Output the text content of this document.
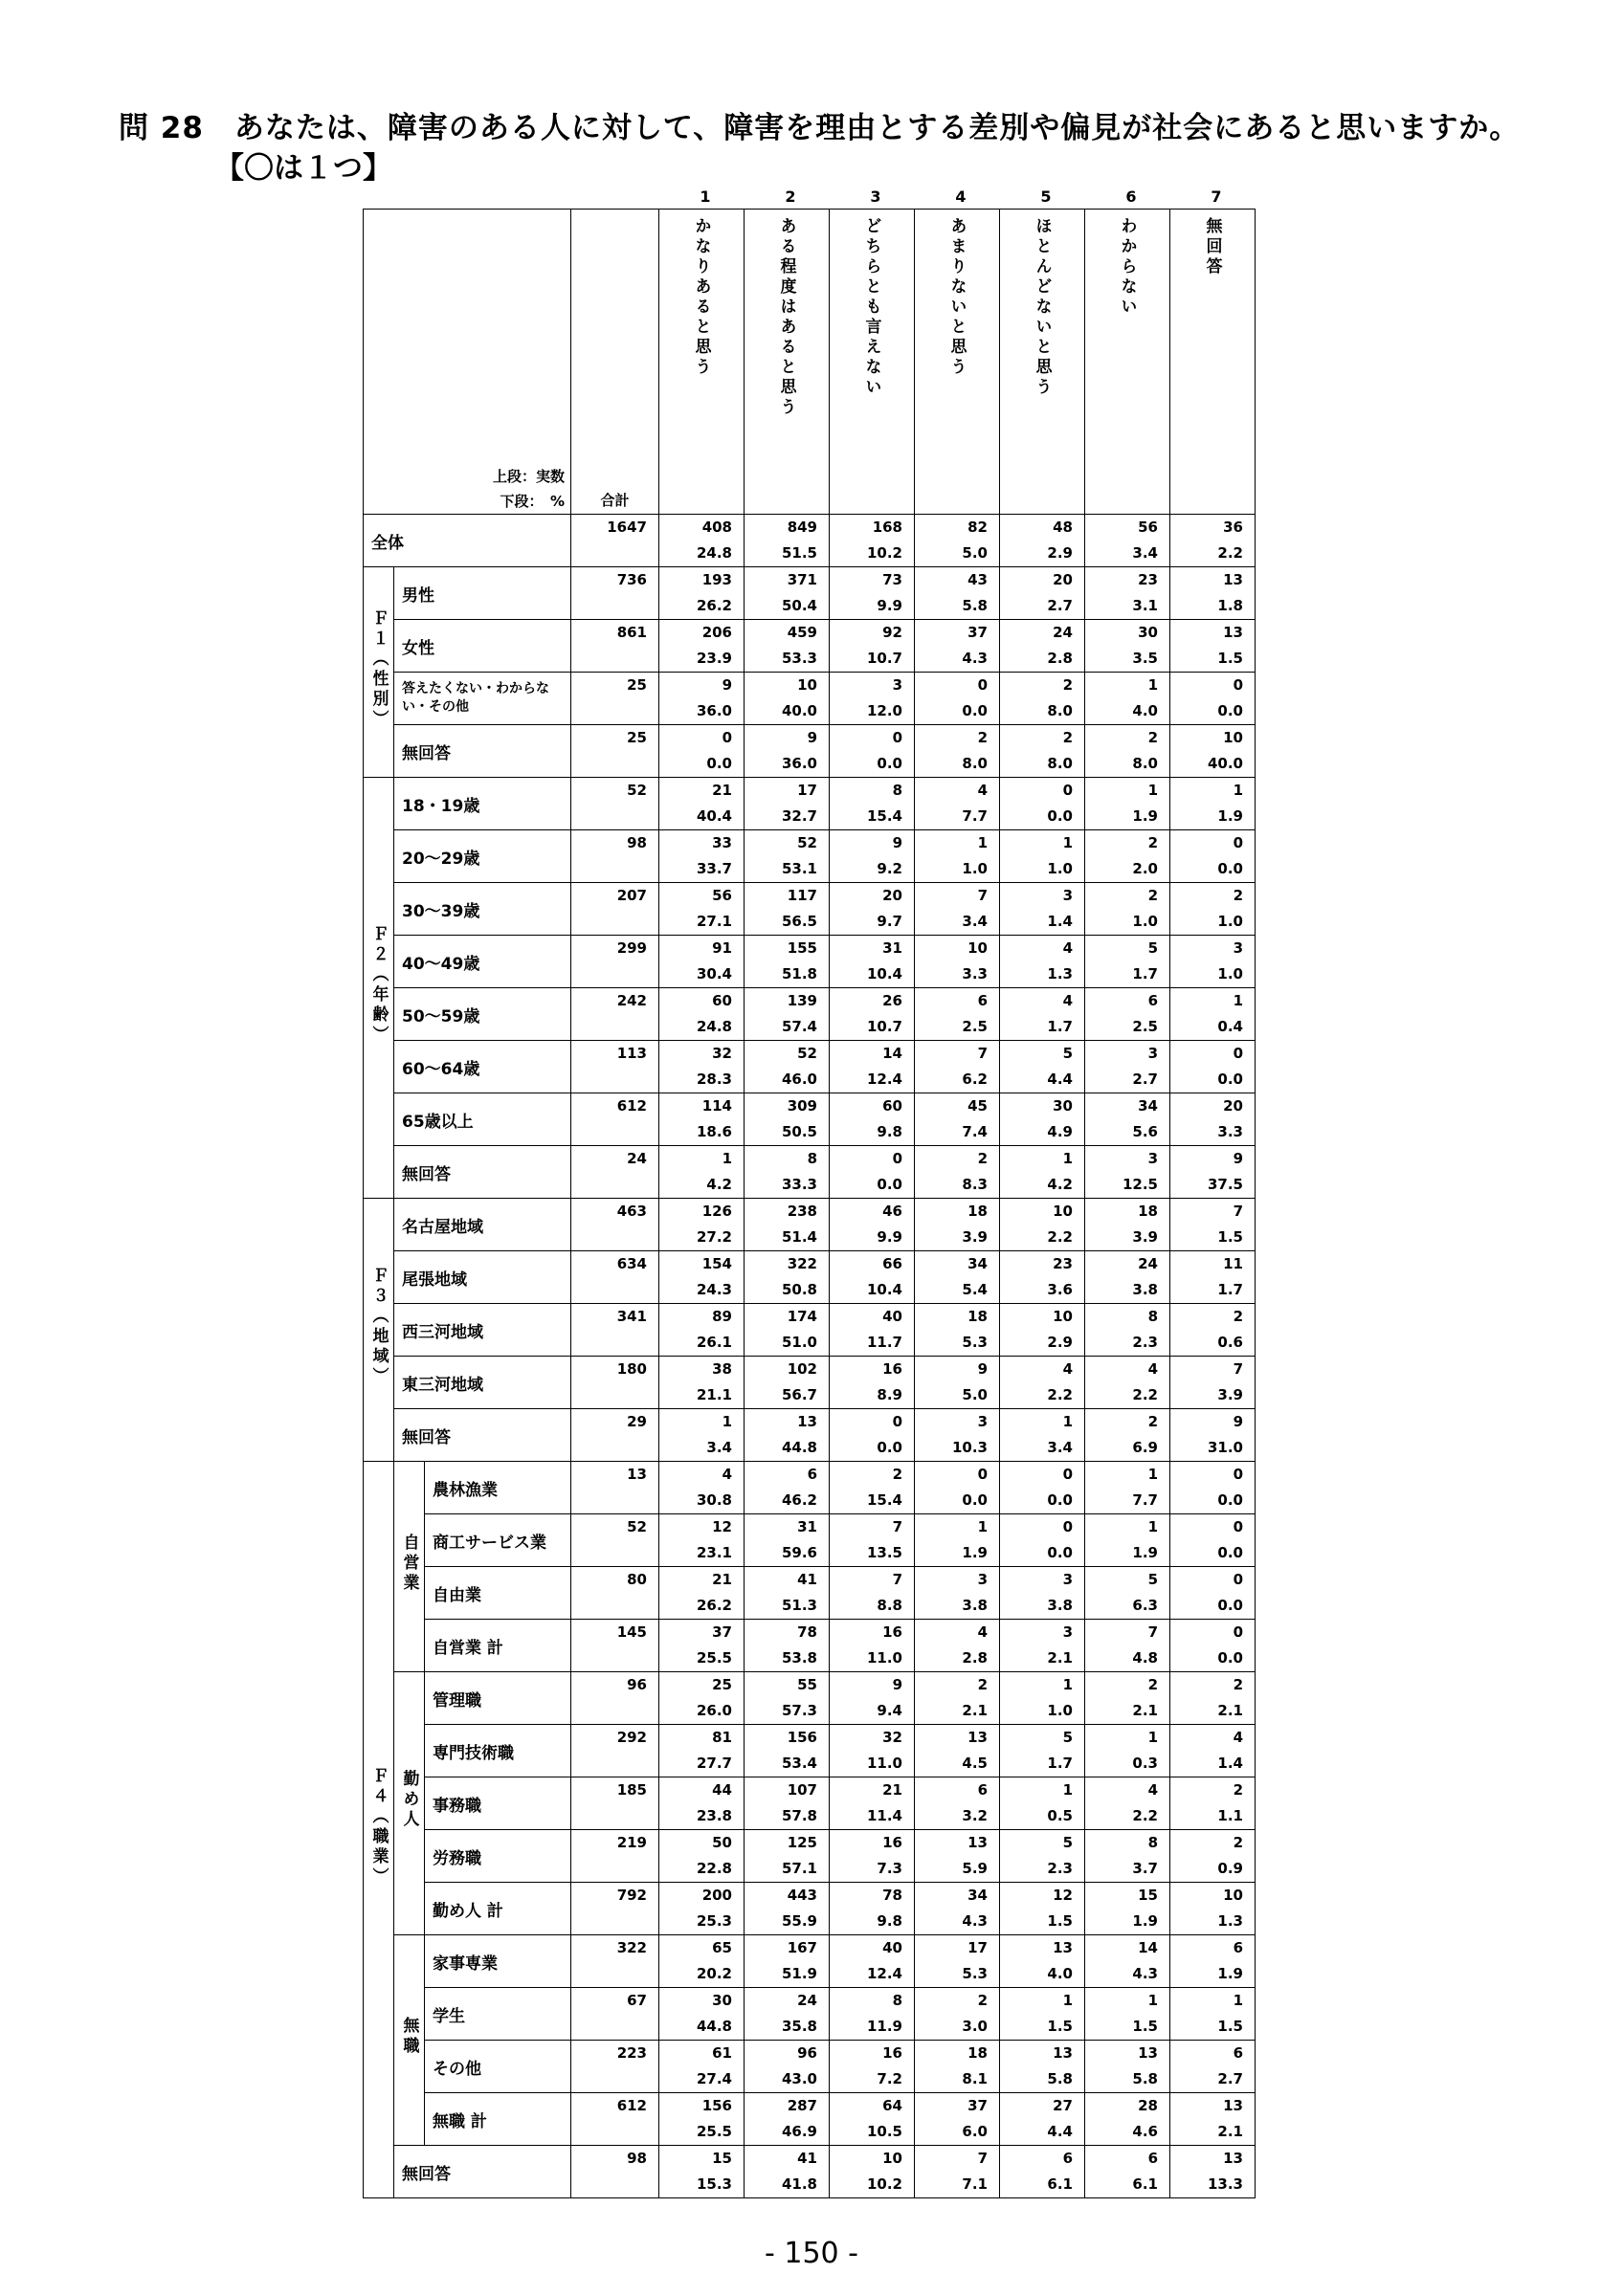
問 28　あなたは、障害のある人に対して、障害を理由とする差別や偏見が社会にあると思いますか。
【〇は１つ】
1	2	3	4	5	6	7
上段：実数
下段：　%			合計	かなりあると思う	ある程度はあると思う	どちらとも言えない	あまりないと思う	ほとんどないと思う	わからない	無回答
全体			1647	408	849	168	82	48	56	36
				24.8	51.5	10.2	5.0	2.9	3.4	2.2
Ｆ１（性別）	男性		736	193	371	73	43	20	23	13
				26.2	50.4	9.9	5.8	2.7	3.1	1.8
	女性		861	206	459	92	37	24	30	13
				23.9	53.3	10.7	4.3	2.8	3.5	1.5
	答えたくない・わからない・その他		25	9	10	3	0	2	1	0
				36.0	40.0	12.0	0.0	8.0	4.0	0.0
	無回答		25	0	9	0	2	2	2	10
				0.0	36.0	0.0	8.0	8.0	8.0	40.0
Ｆ２（年齢）	18・19歳		52	21	17	8	4	0	1	1
				40.4	32.7	15.4	7.7	0.0	1.9	1.9
	20～29歳		98	33	52	9	1	1	2	0
				33.7	53.1	9.2	1.0	1.0	2.0	0.0
	30～39歳		207	56	117	20	7	3	2	2
				27.1	56.5	9.7	3.4	1.4	1.0	1.0
	40～49歳		299	91	155	31	10	4	5	3
				30.4	51.8	10.4	3.3	1.3	1.7	1.0
	50～59歳		242	60	139	26	6	4	6	1
				24.8	57.4	10.7	2.5	1.7	2.5	0.4
	60～64歳		113	32	52	14	7	5	3	0
				28.3	46.0	12.4	6.2	4.4	2.7	0.0
	65歳以上		612	114	309	60	45	30	34	20
				18.6	50.5	9.8	7.4	4.9	5.6	3.3
	無回答		24	1	8	0	2	1	3	9
				4.2	33.3	0.0	8.3	4.2	12.5	37.5
Ｆ３（地域）	名古屋地域		463	126	238	46	18	10	18	7
				27.2	51.4	9.9	3.9	2.2	3.9	1.5
	尾張地域		634	154	322	66	34	23	24	11
				24.3	50.8	10.4	5.4	3.6	3.8	1.7
	西三河地域		341	89	174	40	18	10	8	2
				26.1	51.0	11.7	5.3	2.9	2.3	0.6
	東三河地域		180	38	102	16	9	4	4	7
				21.1	56.7	8.9	5.0	2.2	2.2	3.9
	無回答		29	1	13	0	3	1	2	9
				3.4	44.8	0.0	10.3	3.4	6.9	31.0
Ｆ４（職業）	自営業	農林漁業	13	4	6	2	0	0	1	0
				30.8	46.2	15.4	0.0	0.0	7.7	0.0
		商工サービス業	52	12	31	7	1	0	1	0
				23.1	59.6	13.5	1.9	0.0	1.9	0.0
		自由業	80	21	41	7	3	3	5	0
				26.2	51.3	8.8	3.8	3.8	6.3	0.0
		自営業 計	145	37	78	16	4	3	7	0
				25.5	53.8	11.0	2.8	2.1	4.8	0.0
	勤め人	管理職	96	25	55	9	2	1	2	2
				26.0	57.3	9.4	2.1	1.0	2.1	2.1
		専門技術職	292	81	156	32	13	5	1	4
				27.7	53.4	11.0	4.5	1.7	0.3	1.4
		事務職	185	44	107	21	6	1	4	2
				23.8	57.8	11.4	3.2	0.5	2.2	1.1
		労務職	219	50	125	16	13	5	8	2
				22.8	57.1	7.3	5.9	2.3	3.7	0.9
		勤め人 計	792	200	443	78	34	12	15	10
				25.3	55.9	9.8	4.3	1.5	1.9	1.3
	無職	家事専業	322	65	167	40	17	13	14	6
				20.2	51.9	12.4	5.3	4.0	4.3	1.9
		学生	67	30	24	8	2	1	1	1
				44.8	35.8	11.9	3.0	1.5	1.5	1.5
		その他	223	61	96	16	18	13	13	6
				27.4	43.0	7.2	8.1	5.8	5.8	2.7
		無職 計	612	156	287	64	37	27	28	13
				25.5	46.9	10.5	6.0	4.4	4.6	2.1
	無回答		98	15	41	10	7	6	6	13
				15.3	41.8	10.2	7.1	6.1	6.1	13.3
- 150 -
